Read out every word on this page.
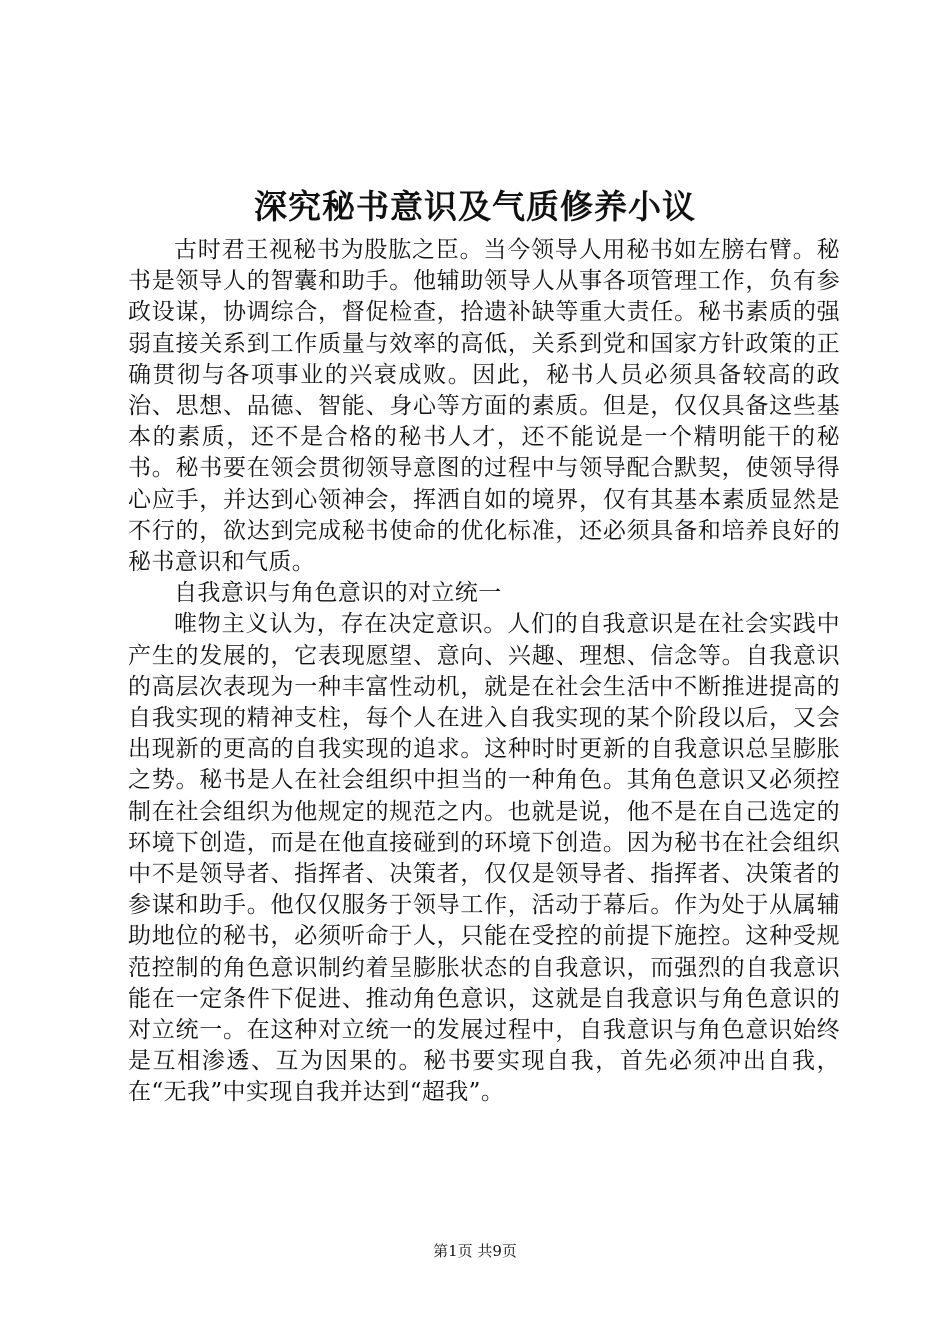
深究秘书意识及气质修养小议

古时君王视秘书为股肱之臣。当今领导人用秘书如左膀右臂。秘书是领导人的智囊和助手。他辅助领导人从事各项管理工作，负有参政设谋，协调综合，督促检查，拾遗补缺等重大责任。秘书素质的强弱直接关系到工作质量与效率的高低，关系到党和国家方针政策的正确贯彻与各项事业的兴衰成败。因此，秘书人员必须具备较高的政治、思想、品德、智能、身心等方面的素质。但是，仅仅具备这些基本的素质，还不是合格的秘书人才，还不能说是一个精明能干的秘书。秘书要在领会贯彻领导意图的过程中与领导配合默契，使领导得心应手，并达到心领神会，挥洒自如的境界，仅有其基本素质显然是不行的，欲达到完成秘书使命的优化标准，还必须具备和培养良好的秘书意识和气质。

自我意识与角色意识的对立统一

唯物主义认为，存在决定意识。人们的自我意识是在社会实践中产生的发展的，它表现愿望、意向、兴趣、理想、信念等。自我意识的高层次表现为一种丰富性动机，就是在社会生活中不断推进提高的自我实现的精神支柱，每个人在进入自我实现的某个阶段以后，又会出现新的更高的自我实现的追求。这种时时更新的自我意识总呈膨胀之势。秘书是人在社会组织中担当的一种角色。其角色意识又必须控制在社会组织为他规定的规范之内。也就是说，他不是在自己选定的环境下创造，而是在他直接碰到的环境下创造。因为秘书在社会组织中不是领导者、指挥者、决策者，仅仅是领导者、指挥者、决策者的参谋和助手。他仅仅服务于领导工作，活动于幕后。作为处于从属辅助地位的秘书，必须听命于人，只能在受控的前提下施控。这种受规范控制的角色意识制约着呈膨胀状态的自我意识，而强烈的自我意识能在一定条件下促进、推动角色意识，这就是自我意识与角色意识的对立统一。在这种对立统一的发展过程中，自我意识与角色意识始终是互相渗透、互为因果的。秘书要实现自我，首先必须冲出自我，在“无我”中实现自我并达到“超我”。

第1页 共9页
